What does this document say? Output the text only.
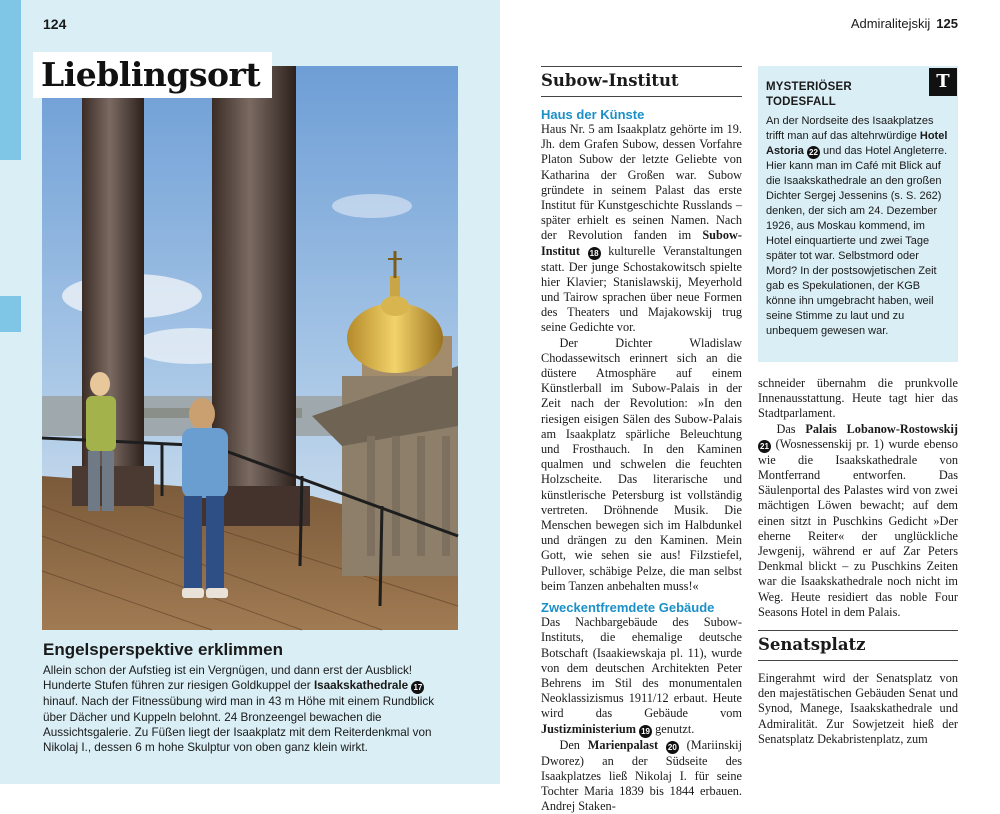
124
Lieblingsort
Engelsperspektive erklimmen

Allein schon der Aufstieg ist ein Vergnügen, und dann erst der Ausblick! Hunderte Stufen führen zur riesigen Goldkuppel der Isaakskathedrale 17 hinauf. Nach der Fitnessübung wird man in 43 m Höhe mit einem Rundblick über Dächer und Kuppeln belohnt. 24 Bronzeengel bewachen die Aussichtsgalerie. Zu Füßen liegt der Isaakplatz mit dem Reiterdenkmal von Nikolaj I., dessen 6 m hohe Skulptur von oben ganz klein wirkt.

Admiralitejskij 125
Subow-Institut
Haus der Künste

Haus Nr. 5 am Isaakplatz gehörte im 19. Jh. dem Grafen Subow, dessen Vorfahre Platon Subow der letzte Geliebte von Katharina der Großen war. Subow gründete in seinem Palast das erste Institut für Kunstgeschichte Russlands – später erhielt es seinen Namen. Nach der Revolution fanden im Subow-Institut 18 kulturelle Veranstaltungen statt. Der junge Schostakowitsch spielte hier Klavier; Stanislawskij, Meyerhold und Tairow sprachen über neue Formen des Theaters und Majakowskij trug seine Gedichte vor.

Der Dichter Wladislaw Chodassewitsch erinnert sich an die düstere Atmosphäre auf einem Künstlerball im Subow-Palais in der Zeit nach der Revolution: »In den riesigen eisigen Sälen des Subow-Palais am Isaakplatz spärliche Beleuchtung und Frosthauch. In den Kaminen qualmen und schwelen die feuchten Holzscheite. Das literarische und künstlerische Petersburg ist vollständig vertreten. Dröhnende Musik. Die Menschen bewegen sich im Halbdunkel und drängen zu den Kaminen. Mein Gott, wie sehen sie aus! Filzstiefel, Pullover, schäbige Pelze, die man selbst beim Tanzen anbehalten muss!«

Zweckentfremdete Gebäude

Das Nachbargebäude des Subow-Instituts, die ehemalige deutsche Botschaft (Isaakiewskaja pl. 11), wurde von dem deutschen Architekten Peter Behrens im Stil des monumentalen Neoklassizismus 1911/12 erbaut. Heute wird das Gebäude vom Justizministerium 19 genutzt.

Den Marienpalast 20 (Mariinskij Dworez) an der Südseite des Isaakplatzes ließ Nikolaj I. für seine Tochter Maria 1839 bis 1844 erbauen. Andrej Staken-

MYSTERIÖSER TODESFALL
An der Nordseite des Isaakplatzes trifft man auf das altehrwürdige Hotel Astoria 22 und das Hotel Angleterre. Hier kann man im Café mit Blick auf die Isaakskathedrale an den großen Dichter Sergej Jessenins (s. S. 262) denken, der sich am 24. Dezember 1926, aus Moskau kommend, im Hotel einquartierte und zwei Tage später tot war. Selbstmord oder Mord? In der postsowjetischen Zeit gab es Spekulationen, der KGB könne ihn umgebracht haben, weil seine Stimme zu laut und zu unbequem gewesen war.
T

schneider übernahm die prunkvolle Innenausstattung. Heute tagt hier das Stadtparlament.

Das Palais Lobanow-Rostowskij 21 (Wosnessenskij pr. 1) wurde ebenso wie die Isaakskathedrale von Montferrand entworfen. Das Säulenportal des Palastes wird von zwei mächtigen Löwen bewacht; auf dem einen sitzt in Puschkins Gedicht »Der eherne Reiter« der unglückliche Jewgenij, während er auf Zar Peters Denkmal blickt – zu Puschkins Zeiten war die Isaakskathedrale noch nicht im Weg. Heute residiert das noble Four Seasons Hotel in dem Palais.

Senatsplatz

Eingerahmt wird der Senatsplatz von den majestätischen Gebäuden Senat und Synod, Manege, Isaakskathedrale und Admiralität. Zur Sowjetzeit hieß der Senatsplatz Dekabristenplatz, zum
